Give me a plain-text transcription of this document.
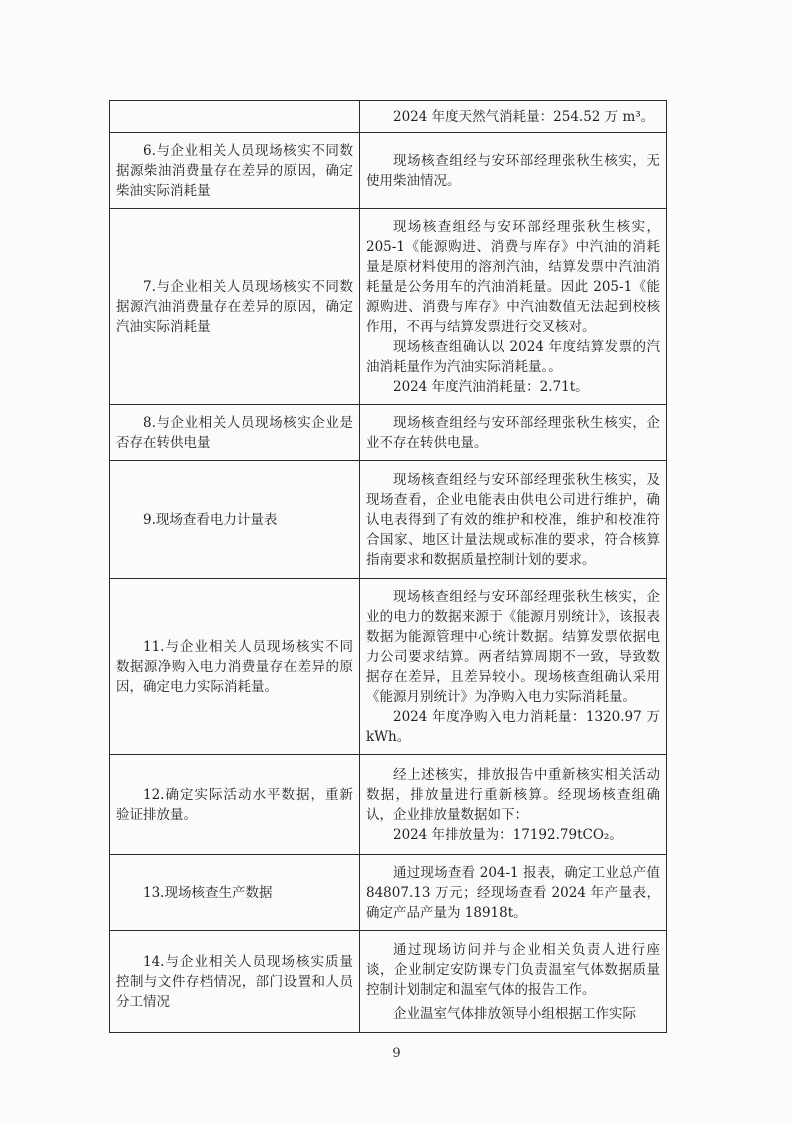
	2024 年度天然气消耗量：254.52 万 m³。

6.与企业相关人员现场核实不同数据源柴油消费量存在差异的原因，确定柴油实际消耗量	现场核查组经与安环部经理张秋生核实，无使用柴油情况。

7.与企业相关人员现场核实不同数据源汽油消费量存在差异的原因，确定汽油实际消耗量	现场核查组经与安环部经理张秋生核实，205-1《能源购进、消费与库存》中汽油的消耗量是原材料使用的溶剂汽油，结算发票中汽油消耗量是公务用车的汽油消耗量。因此 205-1《能源购进、消费与库存》中汽油数值无法起到校核作用，不再与结算发票进行交叉核对。

现场核查组确认以 2024 年度结算发票的汽油消耗量作为汽油实际消耗量。。

2024 年度汽油消耗量：2.71t。

8.与企业相关人员现场核实企业是否存在转供电量	现场核查组经与安环部经理张秋生核实，企业不存在转供电量。

9.现场查看电力计量表	现场核查组经与安环部经理张秋生核实，及现场查看，企业电能表由供电公司进行维护，确认电表得到了有效的维护和校准，维护和校准符合国家、地区计量法规或标准的要求，符合核算指南要求和数据质量控制计划的要求。

11.与企业相关人员现场核实不同数据源净购入电力消费量存在差异的原因，确定电力实际消耗量。	现场核查组经与安环部经理张秋生核实，企业的电力的数据来源于《能源月别统计》，该报表数据为能源管理中心统计数据。结算发票依据电力公司要求结算。两者结算周期不一致，导致数据存在差异，且差异较小。现场核查组确认采用《能源月别统计》为净购入电力实际消耗量。

2024 年度净购入电力消耗量：1320.97 万 kWh。

12.确定实际活动水平数据，重新验证排放量。	经上述核实，排放报告中重新核实相关活动数据，排放量进行重新核算。经现场核查组确认，企业排放量数据如下：

2024 年排放量为：17192.79tCO₂。

13.现场核查生产数据	通过现场查看 204-1 报表，确定工业总产值 84807.13 万元；经现场查看 2024 年产量表，确定产品产量为 18918t。

14.与企业相关人员现场核实质量控制与文件存档情况，部门设置和人员分工情况	通过现场访问并与企业相关负责人进行座谈，企业制定安防课专门负责温室气体数据质量控制计划制定和温室气体的报告工作。

企业温室气体排放领导小组根据工作实际

9
